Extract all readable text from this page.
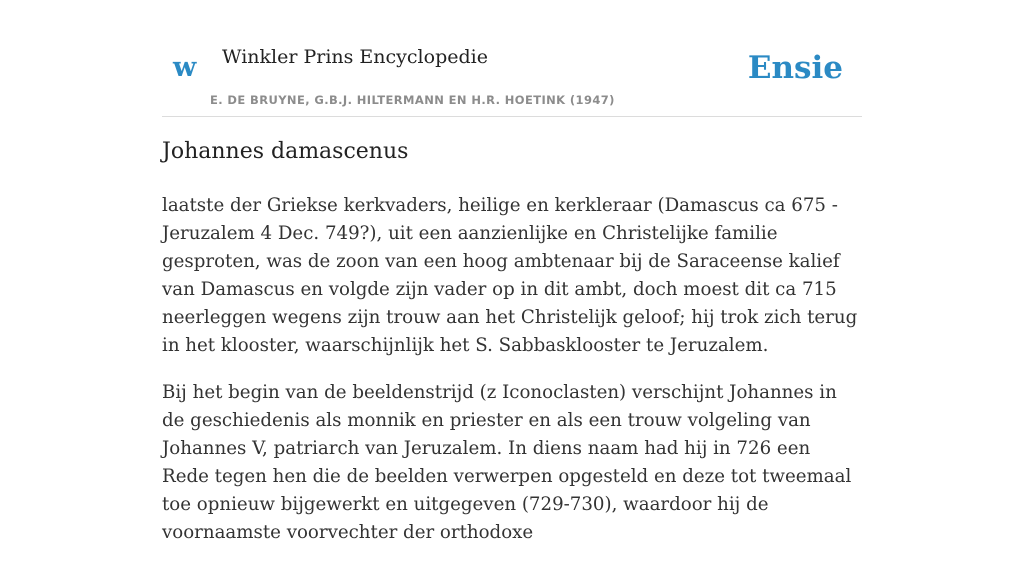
w Winkler Prins Encyclopedie
E. DE BRUYNE, G.B.J. HILTERMANN EN H.R. HOETINK (1947)
Ensie
Johannes damascenus

laatste der Griekse kerkvaders, heilige en kerkleraar (Damascus ca 675 - Jeruzalem 4 Dec. 749?), uit een aanzienlijke en Christelijke familie gesproten, was de zoon van een hoog ambtenaar bij de Saraceense kalief van Damascus en volgde zijn vader op in dit ambt, doch moest dit ca 715 neerleggen wegens zijn trouw aan het Christelijk geloof; hij trok zich terug in het klooster, waarschijnlijk het S. Sabbasklooster te Jeruzalem.

Bij het begin van de beeldenstrijd (z Iconoclasten) verschijnt Johannes in de geschiedenis als monnik en priester en als een trouw volgeling van Johannes V, patriarch van Jeruzalem. In diens naam had hij in 726 een Rede tegen hen die de beelden verwerpen opgesteld en deze tot tweemaal toe opnieuw bijgewerkt en uitgegeven (729-730), waardoor hij de voornaamste voorvechter der orthodoxe
